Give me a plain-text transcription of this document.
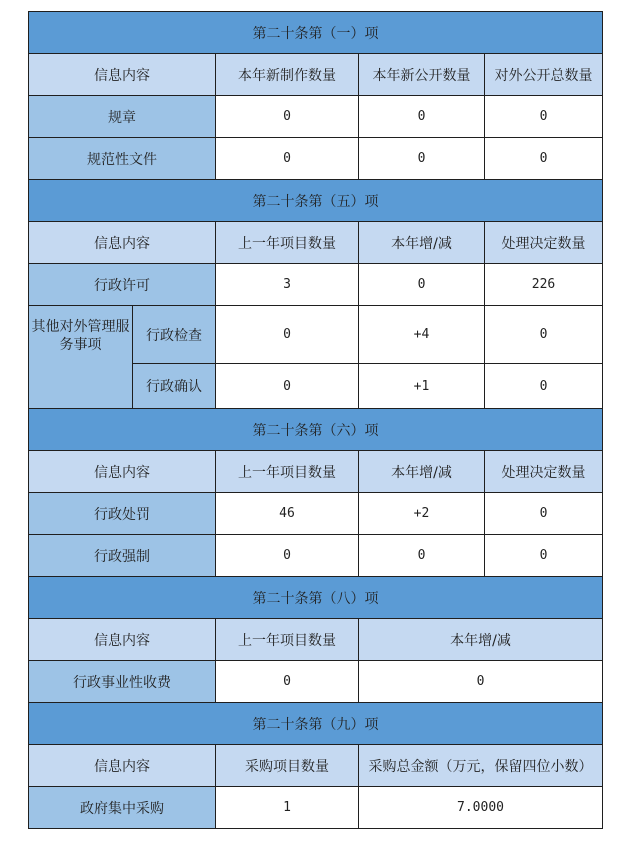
第二十条第（一）项				
信息内容		本年新制作数量	本年新公开数量	对外公开总数量
规章		0	0	0
规范性文件		0	0	0
第二十条第（五）项				
信息内容		上一年项目数量	本年增/减	处理决定数量
行政许可		3	0	226
其他对外管理服务事项	行政检查	0	+4	0
	行政确认	0	+1	0
第二十条第（六）项				
信息内容		上一年项目数量	本年增/减	处理决定数量
行政处罚		46	+2	0
行政强制		0	0	0
第二十条第（八）项				
信息内容		上一年项目数量	本年增/减	
行政事业性收费		0	0	
第二十条第（九）项				
信息内容		采购项目数量	采购总金额（万元，保留四位小数）	
政府集中采购		1	7.0000	
